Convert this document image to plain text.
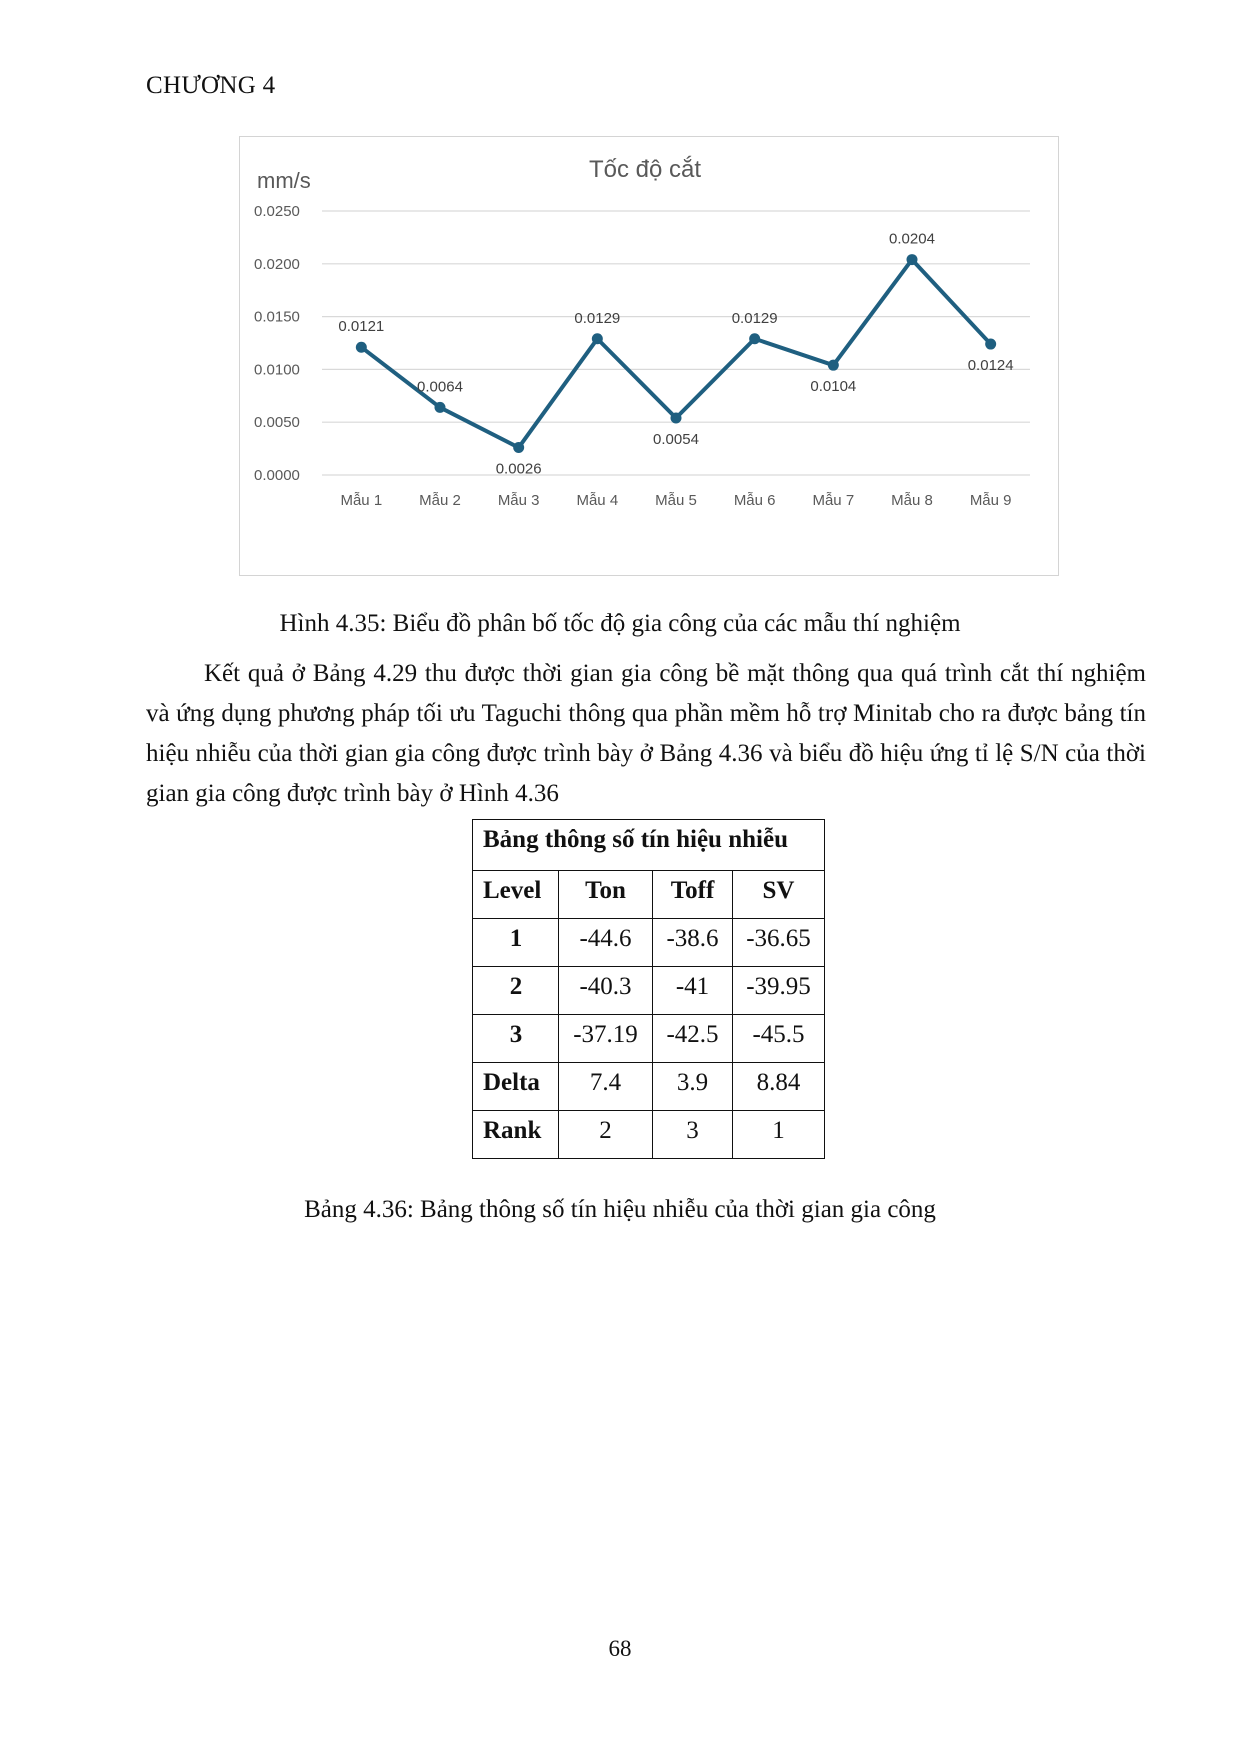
CHƯƠNG 4
Tốc độ cắt
mm/s
0.0000
0.0050
0.0100
0.0150
0.0200
0.0250
Mẫu 1 Mẫu 2 Mẫu 3 Mẫu 4 Mẫu 5 Mẫu 6 Mẫu 7 Mẫu 8 Mẫu 9
0.0121
0.0064
0.0026
0.0129
0.0054
0.0129
0.0104
0.0204
0.0124
Hình 4.35: Biểu đồ phân bố tốc độ gia công của các mẫu thí nghiệm

Kết quả ở Bảng 4.29 thu được thời gian gia công bề mặt thông qua quá trình cắt thí nghiệm và ứng dụng phương pháp tối ưu Taguchi thông qua phần mềm hỗ trợ Minitab cho ra được bảng tín hiệu nhiễu của thời gian gia công được trình bày ở Bảng 4.36 và biểu đồ hiệu ứng tỉ lệ S/N của thời gian gia công được trình bày ở Hình 4.36

Bảng thông số tín hiệu nhiễu			
Level	Ton	Toff	SV
1	-44.6	-38.6	-36.65
2	-40.3	-41	-39.95
3	-37.19	-42.5	-45.5
Delta	7.4	3.9	8.84
Rank	2	3	1
Bảng 4.36: Bảng thông số tín hiệu nhiễu của thời gian gia công
68
